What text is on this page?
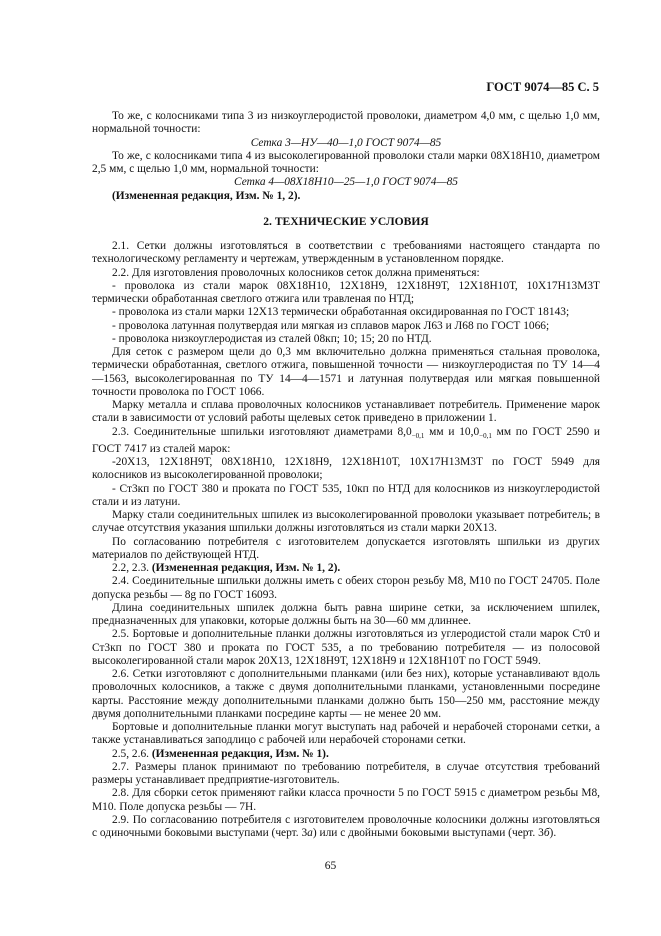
ГОСТ 9074—85 С. 5

То же, с колосниками типа 3 из низкоуглеродистой проволоки, диаметром 4,0 мм, с щелью 1,0 мм, нормальной точности:

Сетка 3—НУ—40—1,0 ГОСТ 9074—85

То же, с колосниками типа 4 из высоколегированной проволоки стали марки 08Х18Н10, диаметром 2,5 мм, с щелью 1,0 мм, нормальной точности:

Сетка 4—08Х18Н10—25—1,0 ГОСТ 9074—85

(Измененная редакция, Изм. № 1, 2).

2. ТЕХНИЧЕСКИЕ УСЛОВИЯ

2.1. Сетки должны изготовляться в соответствии с требованиями настоящего стандарта по технологическому регламенту и чертежам, утвержденным в установленном порядке.

2.2. Для изготовления проволочных колосников сеток должна применяться:

- проволока из стали марок 08Х18Н10, 12Х18Н9, 12Х18Н9Т, 12Х18Н10Т, 10Х17Н13М3Т термически обработанная светлого отжига или травленая по НТД;

- проволока из стали марки 12Х13 термически обработанная оксидированная по ГОСТ 18143;

- проволока латунная полутвердая или мягкая из сплавов марок Л63 и Л68 по ГОСТ 1066;

- проволока низкоуглеродистая из сталей 08кп; 10; 15; 20 по НТД.

Для сеток с размером щели до 0,3 мм включительно должна применяться стальная проволока, термически обработанная, светлого отжига, повышенной точности — низкоуглеродистая по ТУ 14—4—1563, высоколегированная по ТУ 14—4—1571 и латунная полутвердая или мягкая повышенной точности проволока по ГОСТ 1066.

Марку металла и сплава проволочных колосников устанавливает потребитель. Применение марок стали в зависимости от условий работы щелевых сеток приведено в приложении 1.

2.3. Соединительные шпильки изготовляют диаметрами $8,0_{-0,1}$ мм и $10,0_{-0,1}$ мм по ГОСТ 2590 и ГОСТ 7417 из сталей марок:

-20Х13, 12Х18Н9Т, 08Х18Н10, 12Х18Н9, 12Х18Н10Т, 10Х17Н13М3Т по ГОСТ 5949 для колосников из высоколегированной проволоки;

- Ст3кп по ГОСТ 380 и проката по ГОСТ 535, 10кп по НТД для колосников из низкоуглеродистой стали и из латуни.

Марку стали соединительных шпилек из высоколегированной проволоки указывает потребитель; в случае отсутствия указания шпильки должны изготовляться из стали марки 20Х13.

По согласованию потребителя с изготовителем допускается изготовлять шпильки из других материалов по действующей НТД.

2.2, 2.3. (Измененная редакция, Изм. № 1, 2).

2.4. Соединительные шпильки должны иметь с обеих сторон резьбу М8, М10 по ГОСТ 24705. Поле допуска резьбы — 8g по ГОСТ 16093.

Длина соединительных шпилек должна быть равна ширине сетки, за исключением шпилек, предназначенных для упаковки, которые должны быть на 30—60 мм длиннее.

2.5. Бортовые и дополнительные планки должны изготовляться из углеродистой стали марок Ст0 и Ст3кп по ГОСТ 380 и проката по ГОСТ 535, а по требованию потребителя — из полосовой высоколегированной стали марок 20Х13, 12Х18Н9Т, 12Х18Н9 и 12Х18Н10Т по ГОСТ 5949.

2.6. Сетки изготовляют с дополнительными планками (или без них), которые устанавливают вдоль проволочных колосников, а также с двумя дополнительными планками, установленными посредине карты. Расстояние между дополнительными планками должно быть 150—250 мм, расстояние между двумя дополнительными планками посредине карты — не менее 20 мм.

Бортовые и дополнительные планки могут выступать над рабочей и нерабочей сторонами сетки, а также устанавливаться заподлицо с рабочей или нерабочей сторонами сетки.

2.5, 2.6. (Измененная редакция, Изм. № 1).

2.7. Размеры планок принимают по требованию потребителя, в случае отсутствия требований размеры устанавливает предприятие-изготовитель.

2.8. Для сборки сеток применяют гайки класса прочности 5 по ГОСТ 5915 с диаметром резьбы М8, М10. Поле допуска резьбы — 7Н.

2.9. По согласованию потребителя с изготовителем проволочные колосники должны изготовляться с одиночными боковыми выступами (черт. 3а) или с двойными боковыми выступами (черт. 3б).

65
